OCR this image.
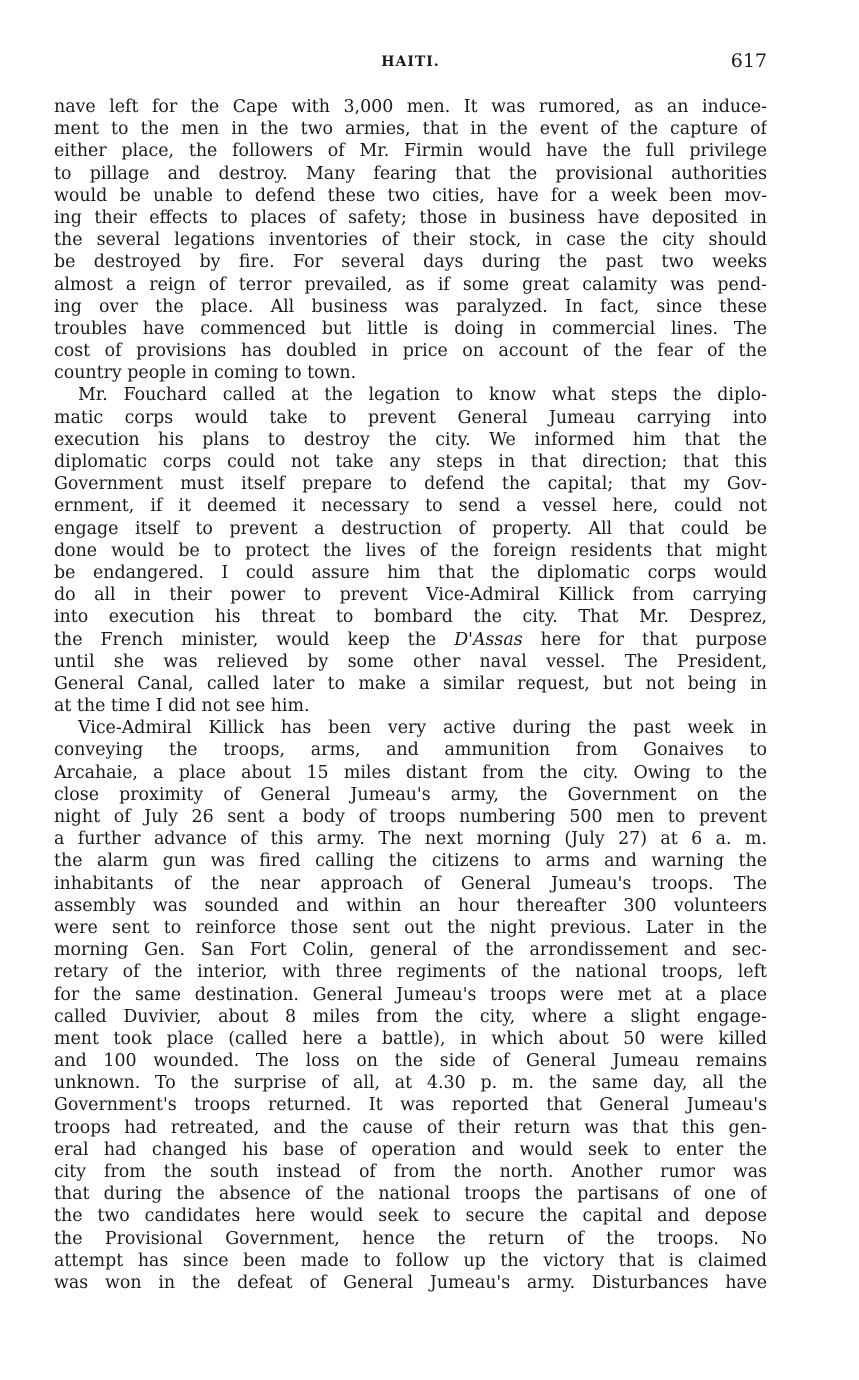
HAITI.	617
nave left for the Cape with 3,000 men. It was rumored, as an induce-
ment to the men in the two armies, that in the event of the capture of
either place, the followers of Mr. Firmin would have the full privilege
to pillage and destroy. Many fearing that the provisional authorities
would be unable to defend these two cities, have for a week been mov-
ing their effects to places of safety; those in business have deposited in
the several legations inventories of their stock, in case the city should
be destroyed by fire. For several days during the past two weeks
almost a reign of terror prevailed, as if some great calamity was pend-
ing over the place. All business was paralyzed. In fact, since these
troubles have commenced but little is doing in commercial lines. The
cost of provisions has doubled in price on account of the fear of the
country people in coming to town.
Mr. Fouchard called at the legation to know what steps the diplo-
matic corps would take to prevent General Jumeau carrying into
execution his plans to destroy the city. We informed him that the
diplomatic corps could not take any steps in that direction; that this
Government must itself prepare to defend the capital; that my Gov-
ernment, if it deemed it necessary to send a vessel here, could not
engage itself to prevent a destruction of property. All that could be
done would be to protect the lives of the foreign residents that might
be endangered. I could assure him that the diplomatic corps would
do all in their power to prevent Vice-Admiral Killick from carrying
into execution his threat to bombard the city. That Mr. Desprez,
the French minister, would keep the D'Assas here for that purpose
until she was relieved by some other naval vessel. The President,
General Canal, called later to make a similar request, but not being in
at the time I did not see him.
Vice-Admiral Killick has been very active during the past week in
conveying the troops, arms, and ammunition from Gonaives to
Arcahaie, a place about 15 miles distant from the city. Owing to the
close proximity of General Jumeau's army, the Government on the
night of July 26 sent a body of troops numbering 500 men to prevent
a further advance of this army. The next morning (July 27) at 6 a. m.
the alarm gun was fired calling the citizens to arms and warning the
inhabitants of the near approach of General Jumeau's troops. The
assembly was sounded and within an hour thereafter 300 volunteers
were sent to reinforce those sent out the night previous. Later in the
morning Gen. San Fort Colin, general of the arrondissement and sec-
retary of the interior, with three regiments of the national troops, left
for the same destination. General Jumeau's troops were met at a place
called Duvivier, about 8 miles from the city, where a slight engage-
ment took place (called here a battle), in which about 50 were killed
and 100 wounded. The loss on the side of General Jumeau remains
unknown. To the surprise of all, at 4.30 p. m. the same day, all the
Government's troops returned. It was reported that General Jumeau's
troops had retreated, and the cause of their return was that this gen-
eral had changed his base of operation and would seek to enter the
city from the south instead of from the north. Another rumor was
that during the absence of the national troops the partisans of one of
the two candidates here would seek to secure the capital and depose
the Provisional Government, hence the return of the troops. No
attempt has since been made to follow up the victory that is claimed
was won in the defeat of General Jumeau's army. Disturbances have
